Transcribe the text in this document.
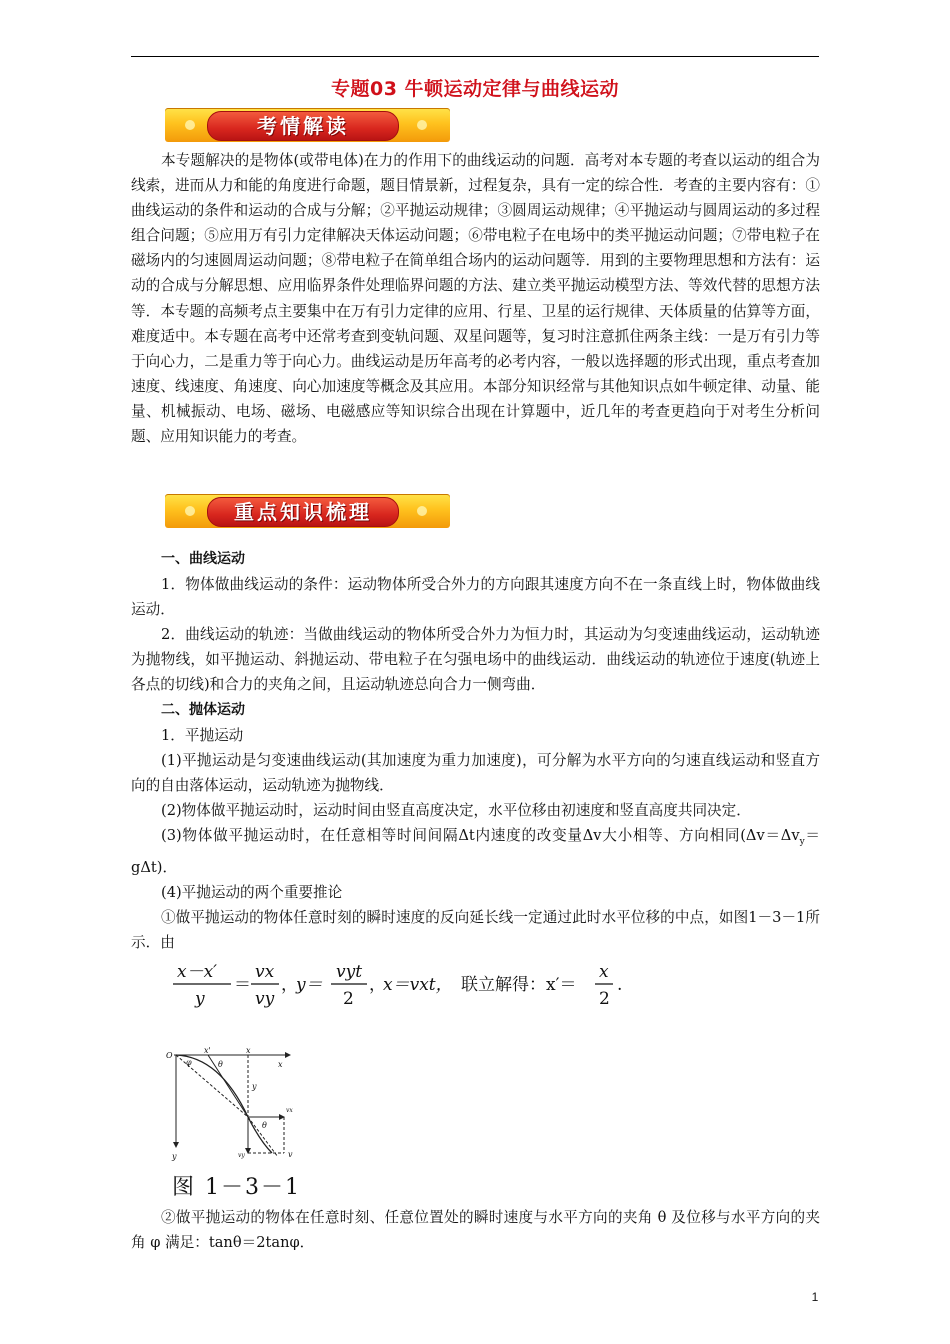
专题03 牛顿运动定律与曲线运动
考情解读

本专题解决的是物体(或带电体)在力的作用下的曲线运动的问题．高考对本专题的考查以运动的组合为线索，进而从力和能的角度进行命题，题目情景新，过程复杂，具有一定的综合性．考查的主要内容有：①曲线运动的条件和运动的合成与分解；②平抛运动规律；③圆周运动规律；④平抛运动与圆周运动的多过程组合问题；⑤应用万有引力定律解决天体运动问题；⑥带电粒子在电场中的类平抛运动问题；⑦带电粒子在磁场内的匀速圆周运动问题；⑧带电粒子在简单组合场内的运动问题等．用到的主要物理思想和方法有：运动的合成与分解思想、应用临界条件处理临界问题的方法、建立类平抛运动模型方法、等效代替的思想方法等．本专题的高频考点主要集中在万有引力定律的应用、行星、卫星的运行规律、天体质量的估算等方面，难度适中。本专题在高考中还常考查到变轨问题、双星问题等，复习时注意抓住两条主线：一是万有引力等于向心力，二是重力等于向心力。曲线运动是历年高考的必考内容，一般以选择题的形式出现，重点考查加速度、线速度、角速度、向心加速度等概念及其应用。本部分知识经常与其他知识点如牛顿定律、动量、能量、机械振动、电场、磁场、电磁感应等知识综合出现在计算题中，近几年的考查更趋向于对考生分析问题、应用知识能力的考查。

重点知识梳理

一、曲线运动

1．物体做曲线运动的条件：运动物体所受合外力的方向跟其速度方向不在一条直线上时，物体做曲线运动．

2．曲线运动的轨迹：当做曲线运动的物体所受合外力为恒力时，其运动为匀变速曲线运动，运动轨迹为抛物线，如平抛运动、斜抛运动、带电粒子在匀强电场中的曲线运动．曲线运动的轨迹位于速度(轨迹上各点的切线)和合力的夹角之间，且运动轨迹总向合力一侧弯曲．

二、抛体运动

1．平抛运动

(1)平抛运动是匀变速曲线运动(其加速度为重力加速度)，可分解为水平方向的匀速直线运动和竖直方向的自由落体运动，运动轨迹为抛物线．

(2)物体做平抛运动时，运动时间由竖直高度决定，水平位移由初速度和竖直高度共同决定．

(3)物体做平抛运动时，在任意相等时间间隔Δt内速度的改变量Δv大小相等、方向相同$(\Delta v=\Delta v_y=g\Delta t)$．

(4)平抛运动的两个重要推论

①做平抛运动的物体任意时刻的瞬时速度的反向延长线一定通过此时水平位移的中点，如图1－3－1所示．由

x－x′
y
＝
vx
vy
，
y＝
vyt
2
，
x＝vxt， 联立解得：x′＝
x
2
.
O
x'	x
x
y
y
θ
φ
θ
vx
vy	v
图 1－3－1

②做平抛运动的物体在任意时刻、任意位置处的瞬时速度与水平方向的夹角 θ 及位移与水平方向的夹角 φ 满足：tanθ＝2tanφ．

1
